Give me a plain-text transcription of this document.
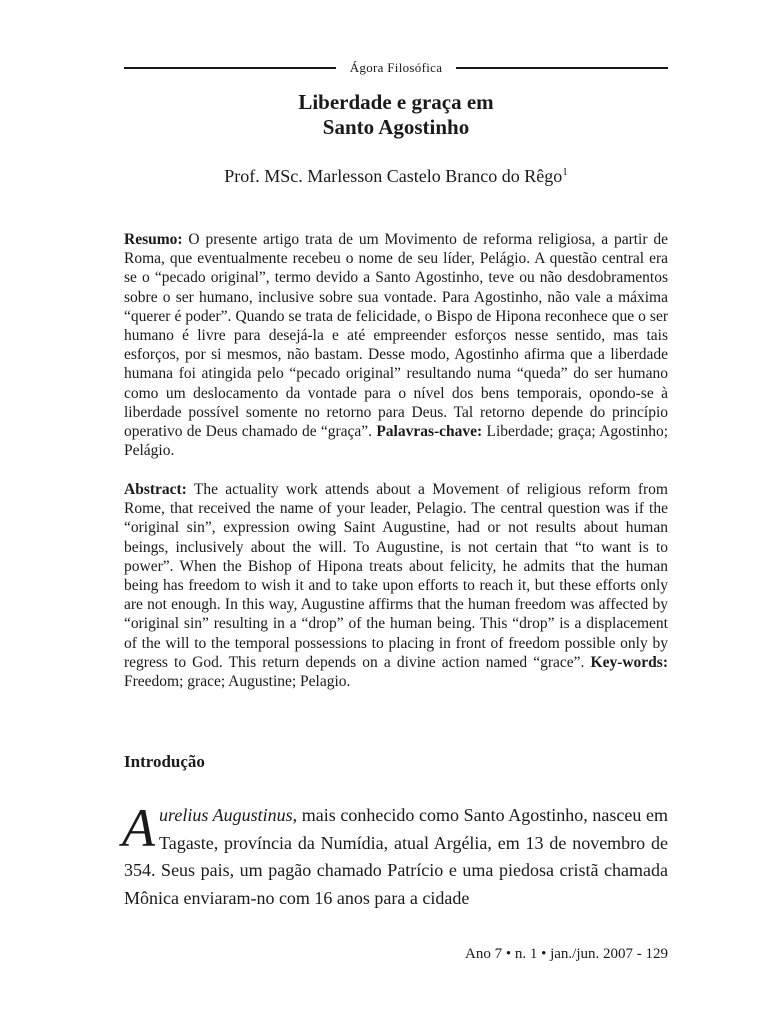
Ágora Filosófica
Liberdade e graça em
Santo Agostinho
Prof. MSc. Marlesson Castelo Branco do Rêgo$^1$
Resumo: O presente artigo trata de um Movimento de reforma religiosa, a partir de Roma, que eventualmente recebeu o nome de seu líder, Pelágio. A questão central era se o “pecado original”, termo devido a Santo Agostinho, teve ou não desdobramentos sobre o ser humano, inclusive sobre sua vontade. Para Agostinho, não vale a máxima “querer é poder”. Quando se trata de felicidade, o Bispo de Hipona reconhece que o ser humano é livre para desejá-la e até empreender esforços nesse sentido, mas tais esforços, por si mesmos, não bastam. Desse modo, Agostinho afirma que a liberdade humana foi atingida pelo “pecado original” resultando numa “queda” do ser humano como um deslocamento da vontade para o nível dos bens temporais, opondo-se à liberdade possível somente no retorno para Deus. Tal retorno depende do princípio operativo de Deus chamado de “graça”. Palavras-chave: Liberdade; graça; Agostinho; Pelágio.
Abstract: The actuality work attends about a Movement of religious reform from Rome, that received the name of your leader, Pelagio. The central question was if the “original sin”, expression owing Saint Augustine, had or not results about human beings, inclusively about the will. To Augustine, is not certain that “to want is to power”. When the Bishop of Hipona treats about felicity, he admits that the human being has freedom to wish it and to take upon efforts to reach it, but these efforts only are not enough. In this way, Augustine affirms that the human freedom was affected by “original sin” resulting in a “drop” of the human being. This “drop” is a displacement of the will to the temporal possessions to placing in front of freedom possible only by regress to God. This return depends on a divine action named “grace”. Key-words: Freedom; grace; Augustine; Pelagio.
Introdução
Aurelius Augustinus, mais conhecido como Santo Agostinho, nasceu em Tagaste, província da Numídia, atual Argélia, em 13 de novembro de 354. Seus pais, um pagão chamado Patrício e uma piedosa cristã chamada Mônica enviaram-no com 16 anos para a cidade
Ano 7 • n. 1 • jan./jun. 2007 - 129
